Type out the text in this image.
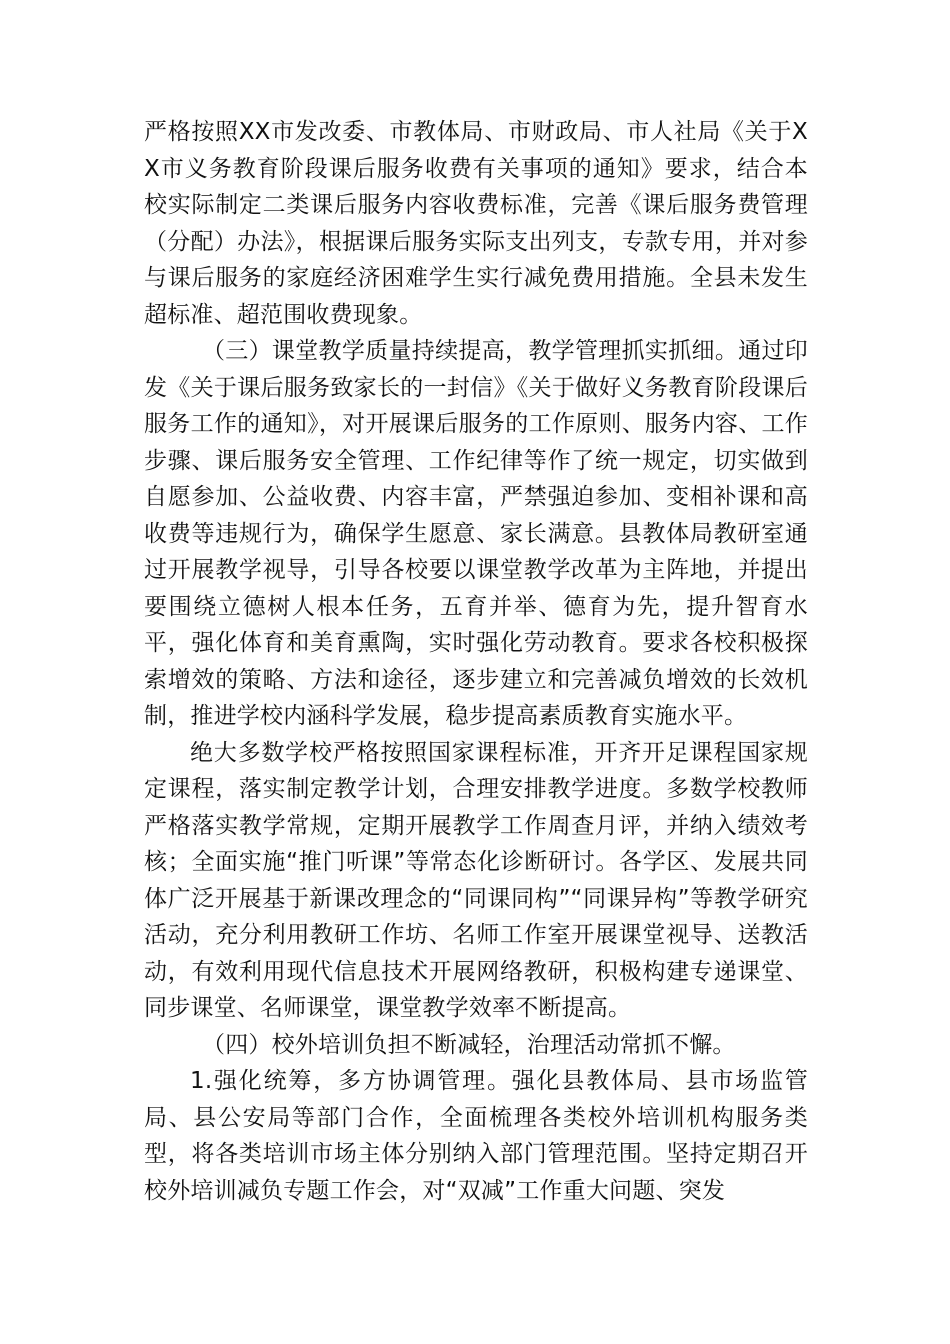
严格按照XX市发改委、市教体局、市财政局、市人社局《关于XX市义务教育阶段课后服务收费有关事项的通知》要求，结合本校实际制定二类课后服务内容收费标准，完善《课后服务费管理（分配）办法》，根据课后服务实际支出列支，专款专用，并对参与课后服务的家庭经济困难学生实行减免费用措施。全县未发生超标准、超范围收费现象。

（三）课堂教学质量持续提高，教学管理抓实抓细。通过印发《关于课后服务致家长的一封信》《关于做好义务教育阶段课后服务工作的通知》，对开展课后服务的工作原则、服务内容、工作步骤、课后服务安全管理、工作纪律等作了统一规定，切实做到自愿参加、公益收费、内容丰富，严禁强迫参加、变相补课和高收费等违规行为，确保学生愿意、家长满意。县教体局教研室通过开展教学视导，引导各校要以课堂教学改革为主阵地，并提出要围绕立德树人根本任务，五育并举、德育为先，提升智育水平，强化体育和美育熏陶，实时强化劳动教育。要求各校积极探索增效的策略、方法和途径，逐步建立和完善减负增效的长效机制，推进学校内涵科学发展，稳步提高素质教育实施水平。

绝大多数学校严格按照国家课程标准，开齐开足课程国家规定课程，落实制定教学计划，合理安排教学进度。多数学校教师严格落实教学常规，定期开展教学工作周查月评，并纳入绩效考核；全面实施“推门听课”等常态化诊断研讨。各学区、发展共同体广泛开展基于新课改理念的“同课同构”“同课异构”等教学研究活动，充分利用教研工作坊、名师工作室开展课堂视导、送教活动，有效利用现代信息技术开展网络教研，积极构建专递课堂、同步课堂、名师课堂，课堂教学效率不断提高。

（四）校外培训负担不断减轻，治理活动常抓不懈。

1.强化统筹，多方协调管理。强化县教体局、县市场监管局、县公安局等部门合作，全面梳理各类校外培训机构服务类型，将各类培训市场主体分别纳入部门管理范围。坚持定期召开校外培训减负专题工作会，对“双减”工作重大问题、突发
